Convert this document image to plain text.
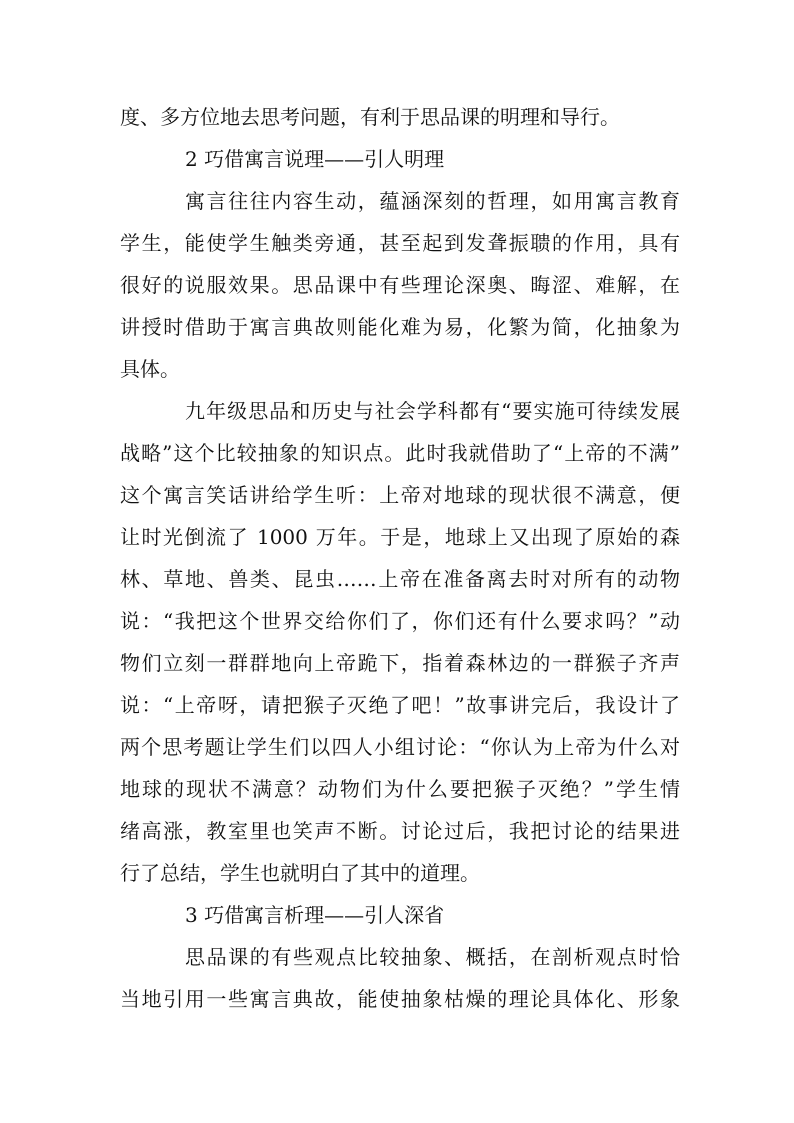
度、多方位地去思考问题，有利于思品课的明理和导行。
2 巧借寓言说理——引人明理
寓言往往内容生动，蕴涵深刻的哲理，如用寓言教育
学生，能使学生触类旁通，甚至起到发聋振聩的作用，具有
很好的说服效果。思品课中有些理论深奥、晦涩、难解，在
讲授时借助于寓言典故则能化难为易，化繁为简，化抽象为
具体。
九年级思品和历史与社会学科都有“要实施可待续发展
战略”这个比较抽象的知识点。此时我就借助了“上帝的不满”
这个寓言笑话讲给学生听：上帝对地球的现状很不满意，便
让时光倒流了 1000 万年。于是，地球上又出现了原始的森
林、草地、兽类、昆虫……上帝在准备离去时对所有的动物
说：“我把这个世界交给你们了，你们还有什么要求吗？”动
物们立刻一群群地向上帝跪下，指着森林边的一群猴子齐声
说：“上帝呀，请把猴子灭绝了吧！”故事讲完后，我设计了
两个思考题让学生们以四人小组讨论：“你认为上帝为什么对
地球的现状不满意？动物们为什么要把猴子灭绝？”学生情
绪高涨，教室里也笑声不断。讨论过后，我把讨论的结果进
行了总结，学生也就明白了其中的道理。
3 巧借寓言析理——引人深省
思品课的有些观点比较抽象、概括，在剖析观点时恰
当地引用一些寓言典故，能使抽象枯燥的理论具体化、形象
